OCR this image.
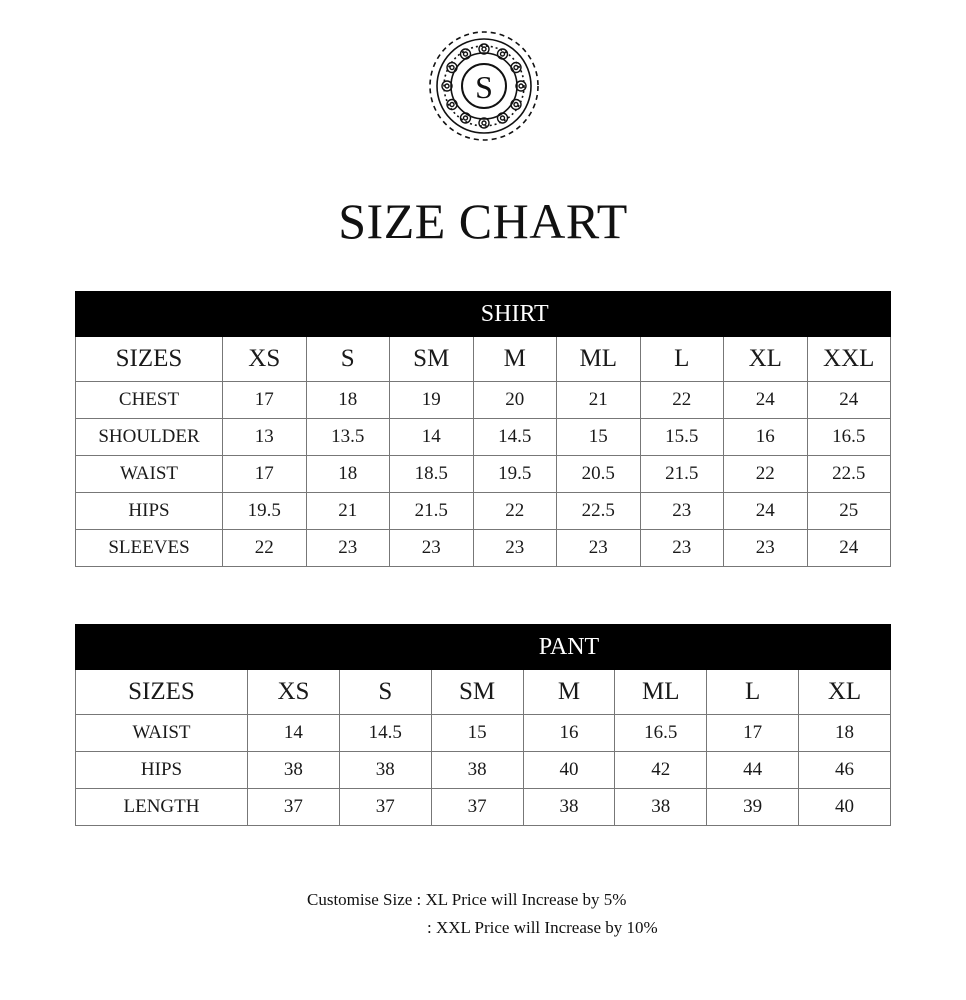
S
SIZE CHART
			SHIRT					
SIZES	XS	S	SM	M	ML	L	XL	XXL
CHEST	17	18	19	20	21	22	24	24
SHOULDER	13	13.5	14	14.5	15	15.5	16	16.5
WAIST	17	18	18.5	19.5	20.5	21.5	22	22.5
HIPS	19.5	21	21.5	22	22.5	23	24	25
SLEEVES	22	23	23	23	23	23	23	24
			PANT				
SIZES	XS	S	SM	M	ML	L	XL
WAIST	14	14.5	15	16	16.5	17	18
HIPS	38	38	38	40	42	44	46
LENGTH	37	37	37	38	38	39	40
Customise Size : XL Price will Increase by 5%
: XXL Price will Increase by 10%
